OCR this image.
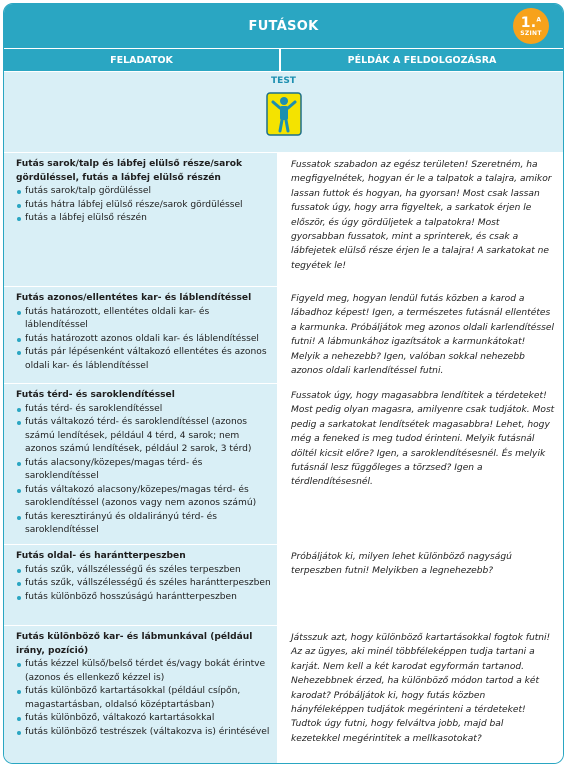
FUTÁSOK	1.$^A$
SZINT
FELADATOK	PÉLDÁK A FELDOLGOZÁSRA
TEST
Futás sarok/talp és lábfej elülső része/sarok gördüléssel, futás a lábfej elülső részén
futás sarok/talp gördüléssel
futás hátra lábfej elülső része/sarok gördüléssel
futás a lábfej elülső részén
Fussatok szabadon az egész területen! Szeretném, ha megfigyelnétek, hogyan ér le a talpatok a talajra, amikor lassan futtok és hogyan, ha gyorsan! Most csak lassan fussatok úgy, hogy arra figyeltek, a sarkatok érjen le először, és úgy gördüljetek a talpatokra! Most gyorsabban fussatok, mint a sprinterek, és csak a lábfejetek elülső része érjen le a talajra! A sarkatokat ne tegyétek le!
Futás azonos/ellentétes kar- és láblendítéssel
futás határozott, ellentétes oldali kar- és láblendítéssel
futás határozott azonos oldali kar- és láblendítéssel
futás pár lépésenként váltakozó ellentétes és azonos oldali kar- és láblendítéssel
Figyeld meg, hogyan lendül futás közben a karod a lábadhoz képest! Igen, a természetes futásnál ellentétes a karmunka. Próbáljátok meg azonos oldali karlendítéssel futni! A lábmunkához igazítsátok a karmunkátokat! Melyik a nehezebb? Igen, valóban sokkal nehezebb azonos oldali karlendítéssel futni.
Futás térd- és saroklendítéssel
futás térd- és saroklendítéssel
futás váltakozó térd- és saroklendítéssel (azonos számú lendítések, például 4 térd, 4 sarok; nem azonos számú lendítések, például 2 sarok, 3 térd)
futás alacsony/közepes/magas térd- és saroklendítéssel
futás váltakozó alacsony/közepes/magas térd- és saroklendítéssel (azonos vagy nem azonos számú)
futás keresztirányú és oldalirányú térd- és saroklendítéssel
Fussatok úgy, hogy magasabbra lendítitek a térdeteket! Most pedig olyan magasra, amilyenre csak tudjátok. Most pedig a sarkatokat lendítsétek magasabbra! Lehet, hogy még a feneked is meg tudod érinteni. Melyik futásnál döltél kicsit előre? Igen, a saroklendítésesnél. És melyik futásnál lesz függőleges a törzsed? Igen a térdlendítésesnél.
Futás oldal- és harántterpeszben
futás szűk, vállszélességű és széles terpeszben
futás szűk, vállszélességű és széles harántterpeszben
futás különböző hosszúságú harántterpeszben
Próbáljátok ki, milyen lehet különböző nagyságú terpeszben futni! Melyikben a legnehezebb?
Futás különböző kar- és lábmunkával (például irány, pozíció)
futás kézzel külső/belső térdet és/vagy bokát érintve (azonos és ellenkező kézzel is)
futás különböző kartartásokkal (például csípőn, magastartásban, oldalsó középtartásban)
futás különböző, váltakozó kartartásokkal
futás különböző testrészek (váltakozva is) érintésével
Játsszuk azt, hogy különböző kartartásokkal fogtok futni! Az az ügyes, aki minél többféleképpen tudja tartani a karját. Nem kell a két karodat egyformán tartanod. Nehezebbnek érzed, ha különböző módon tartod a két karodat? Próbáljátok ki, hogy futás közben hányféleképpen tudjátok megérinteni a térdeteket! Tudtok úgy futni, hogy felváltva jobb, majd bal kezetekkel megérintitek a mellkasotokat?
